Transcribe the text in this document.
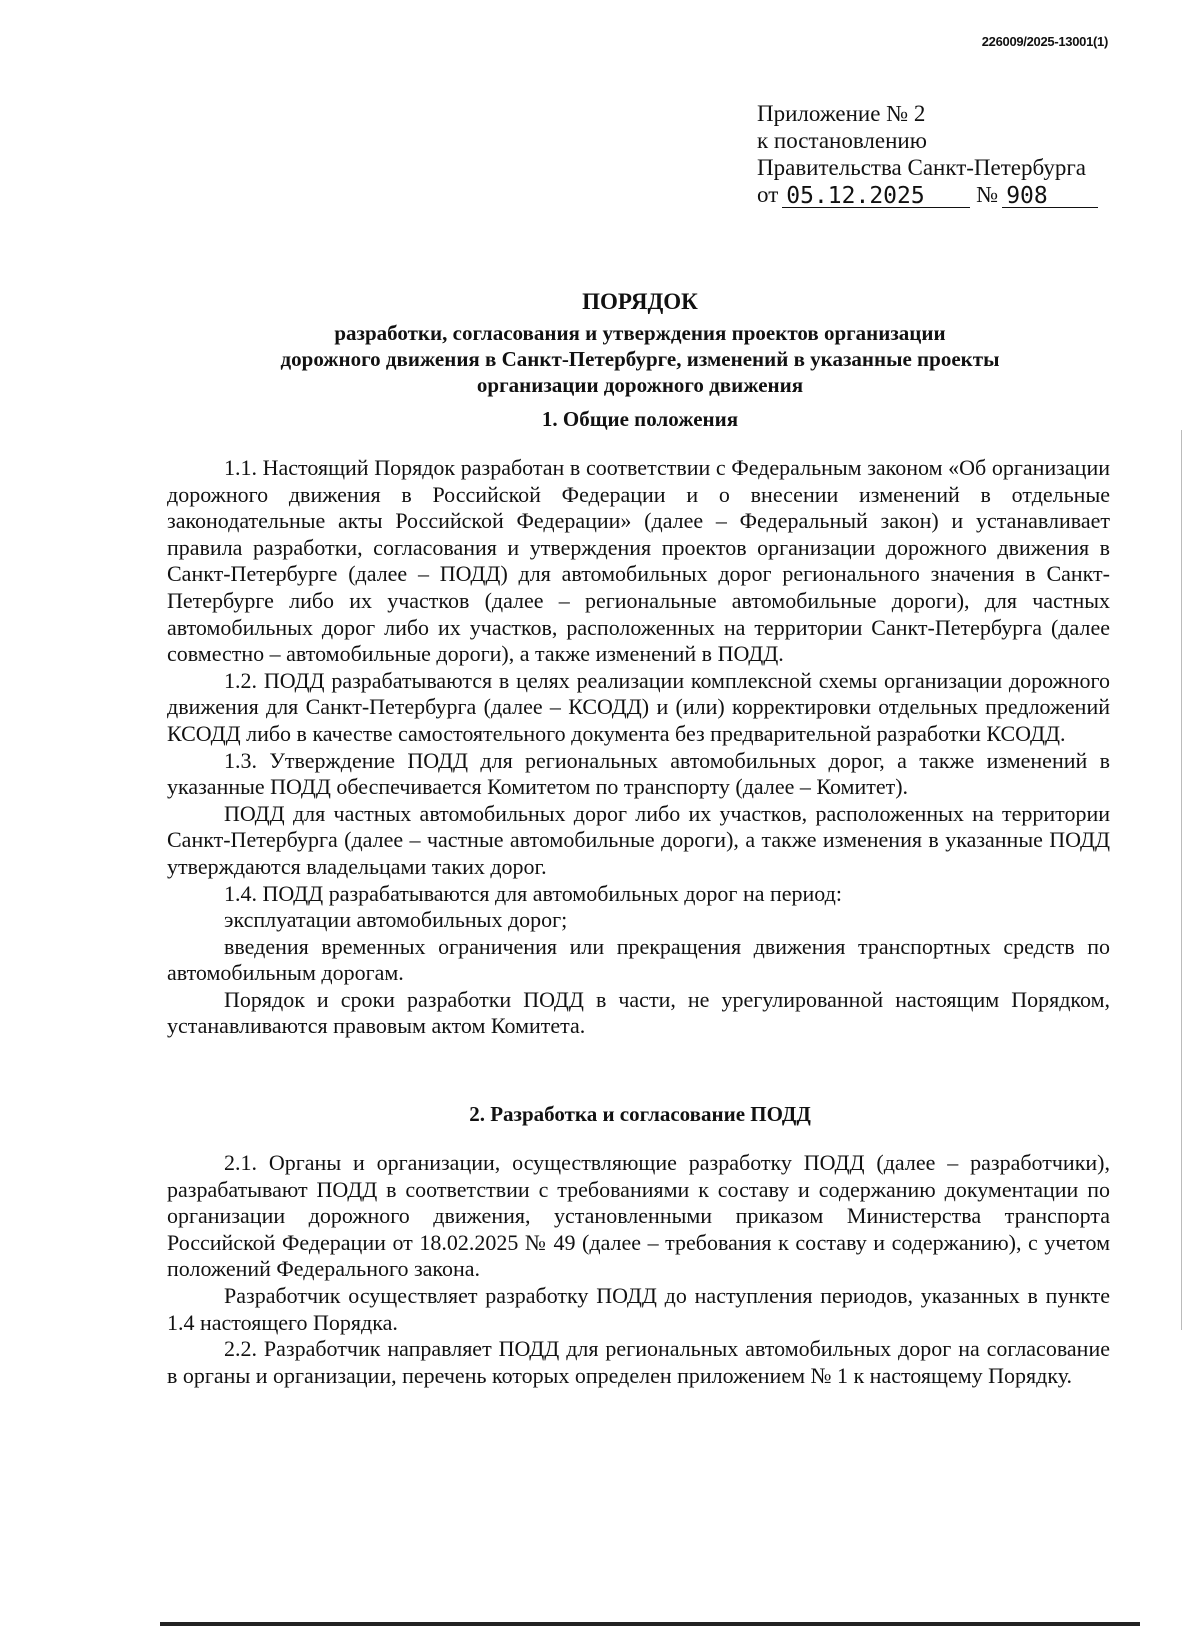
226009/2025-13001(1)
Приложение № 2
к постановлению
Правительства Санкт-Петербурга
от 05.12.2025	№ 908
ПОРЯДОК
разработки, согласования и утверждения проектов организации
дорожного движения в Санкт-Петербурге, изменений в указанные проекты
организации дорожного движения
1. Общие положения

1.1. Настоящий Порядок разработан в соответствии с Федеральным законом «Об организации дорожного движения в Российской Федерации и о внесении изменений в отдельные законодательные акты Российской Федерации» (далее – Федеральный закон) и устанавливает правила разработки, согласования и утверждения проектов организации дорожного движения в Санкт-Петербурге (далее – ПОДД) для автомобильных дорог регионального значения в Санкт-Петербурге либо их участков (далее – региональные автомобильные дороги), для частных автомобильных дорог либо их участков, расположенных на территории Санкт-Петербурга (далее совместно – автомобильные дороги), а также изменений в ПОДД.

1.2. ПОДД разрабатываются в целях реализации комплексной схемы организации дорожного движения для Санкт-Петербурга (далее – КСОДД) и (или) корректировки отдельных предложений КСОДД либо в качестве самостоятельного документа без предварительной разработки КСОДД.

1.3. Утверждение ПОДД для региональных автомобильных дорог, а также изменений в указанные ПОДД обеспечивается Комитетом по транспорту (далее – Комитет).

ПОДД для частных автомобильных дорог либо их участков, расположенных на территории Санкт-Петербурга (далее – частные автомобильные дороги), а также изменения в указанные ПОДД утверждаются владельцами таких дорог.

1.4. ПОДД разрабатываются для автомобильных дорог на период:

эксплуатации автомобильных дорог;

введения временных ограничения или прекращения движения транспортных средств по автомобильным дорогам.

Порядок и сроки разработки ПОДД в части, не урегулированной настоящим Порядком, устанавливаются правовым актом Комитета.

2. Разработка и согласование ПОДД

2.1. Органы и организации, осуществляющие разработку ПОДД (далее – разработчики), разрабатывают ПОДД в соответствии с требованиями к составу и содержанию документации по организации дорожного движения, установленными приказом Министерства транспорта Российской Федерации от 18.02.2025 № 49 (далее – требования к составу и содержанию), с учетом положений Федерального закона.

Разработчик осуществляет разработку ПОДД до наступления периодов, указанных в пункте 1.4 настоящего Порядка.

2.2. Разработчик направляет ПОДД для региональных автомобильных дорог на согласование в органы и организации, перечень которых определен приложением № 1 к настоящему Порядку.
